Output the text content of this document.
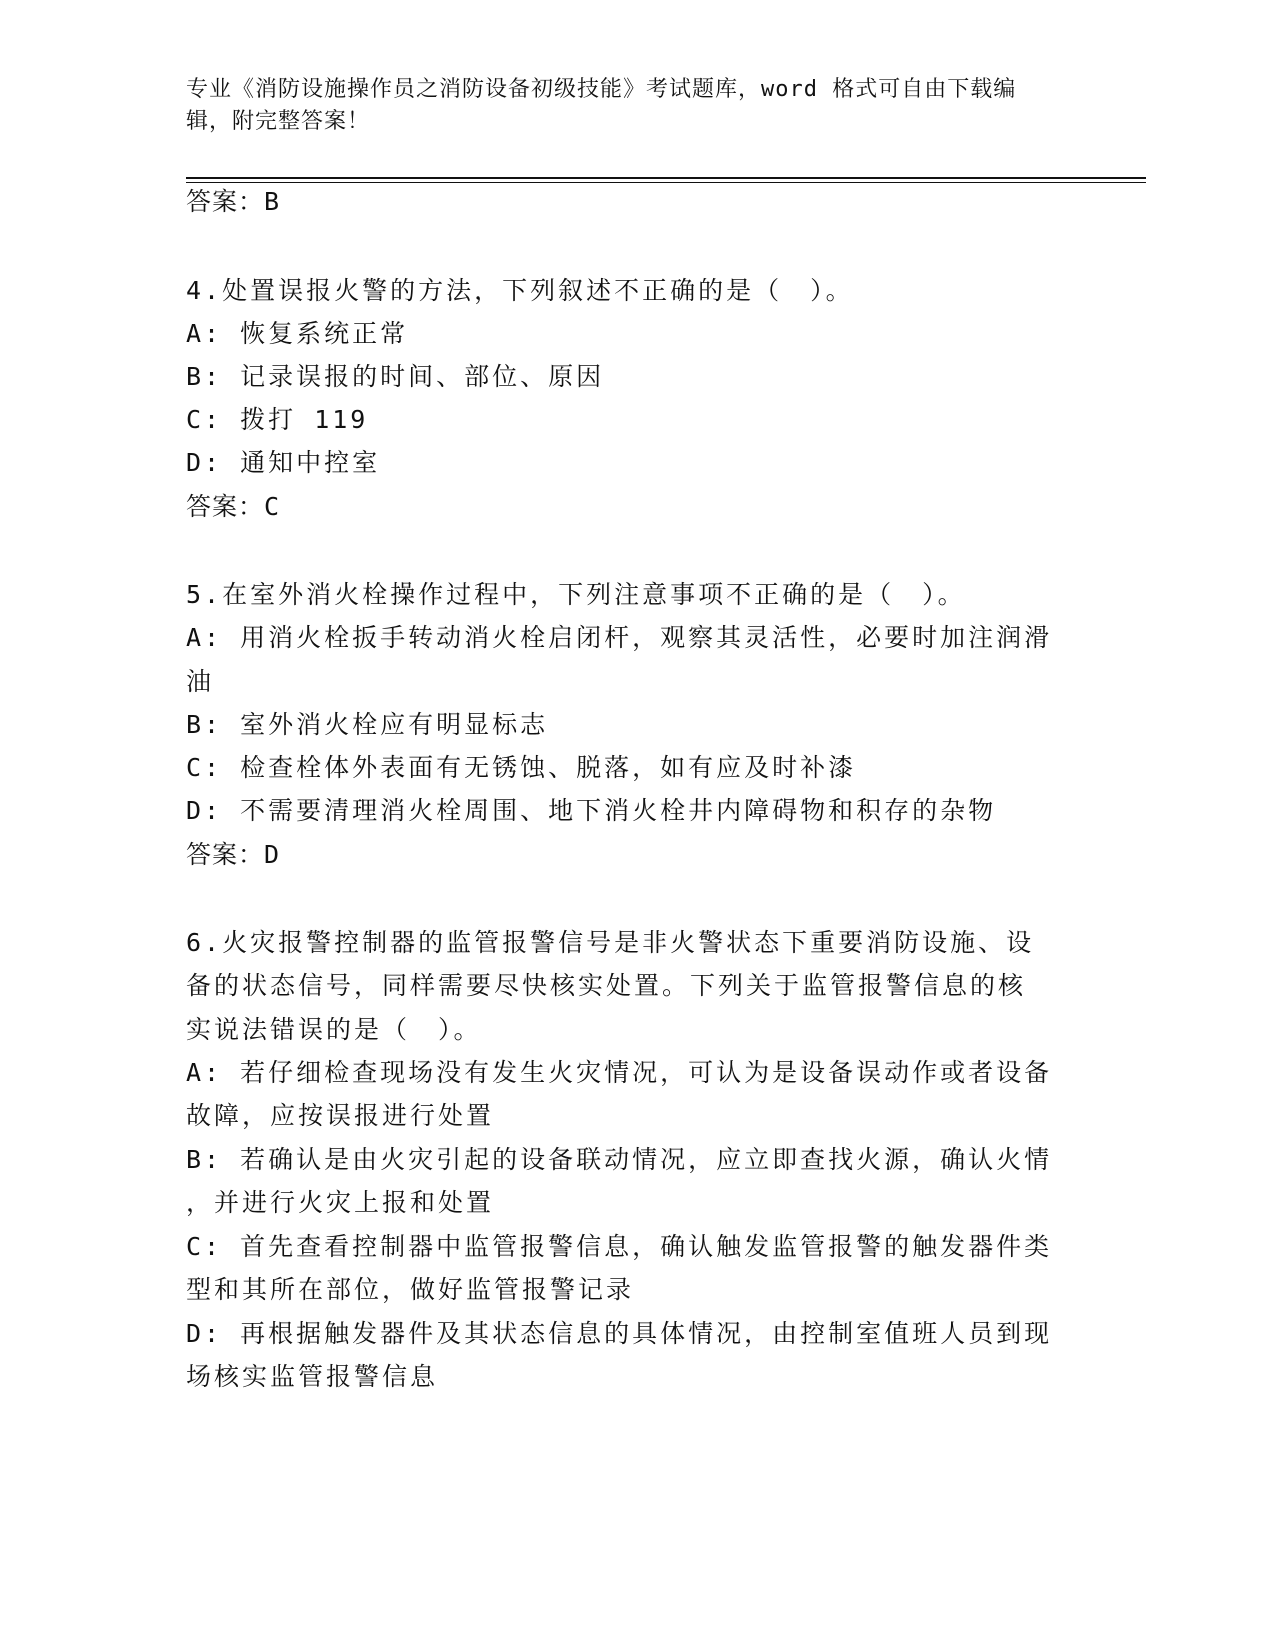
专业《消防设施操作员之消防设备初级技能》考试题库，word 格式可自由下载编
辑，附完整答案！
答案：B
4.处置误报火警的方法，下列叙述不正确的是（　）。
A: 恢复系统正常
B: 记录误报的时间、部位、原因
C: 拨打 119
D: 通知中控室
答案：C
5.在室外消火栓操作过程中，下列注意事项不正确的是（　）。
A: 用消火栓扳手转动消火栓启闭杆，观察其灵活性，必要时加注润滑
油
B: 室外消火栓应有明显标志
C: 检查栓体外表面有无锈蚀、脱落，如有应及时补漆
D: 不需要清理消火栓周围、地下消火栓井内障碍物和积存的杂物
答案：D
6.火灾报警控制器的监管报警信号是非火警状态下重要消防设施、设
备的状态信号，同样需要尽快核实处置。下列关于监管报警信息的核
实说法错误的是（　）。
A: 若仔细检查现场没有发生火灾情况，可认为是设备误动作或者设备
故障，应按误报进行处置
B: 若确认是由火灾引起的设备联动情况，应立即查找火源，确认火情
，并进行火灾上报和处置
C: 首先查看控制器中监管报警信息，确认触发监管报警的触发器件类
型和其所在部位，做好监管报警记录
D: 再根据触发器件及其状态信息的具体情况，由控制室值班人员到现
场核实监管报警信息
